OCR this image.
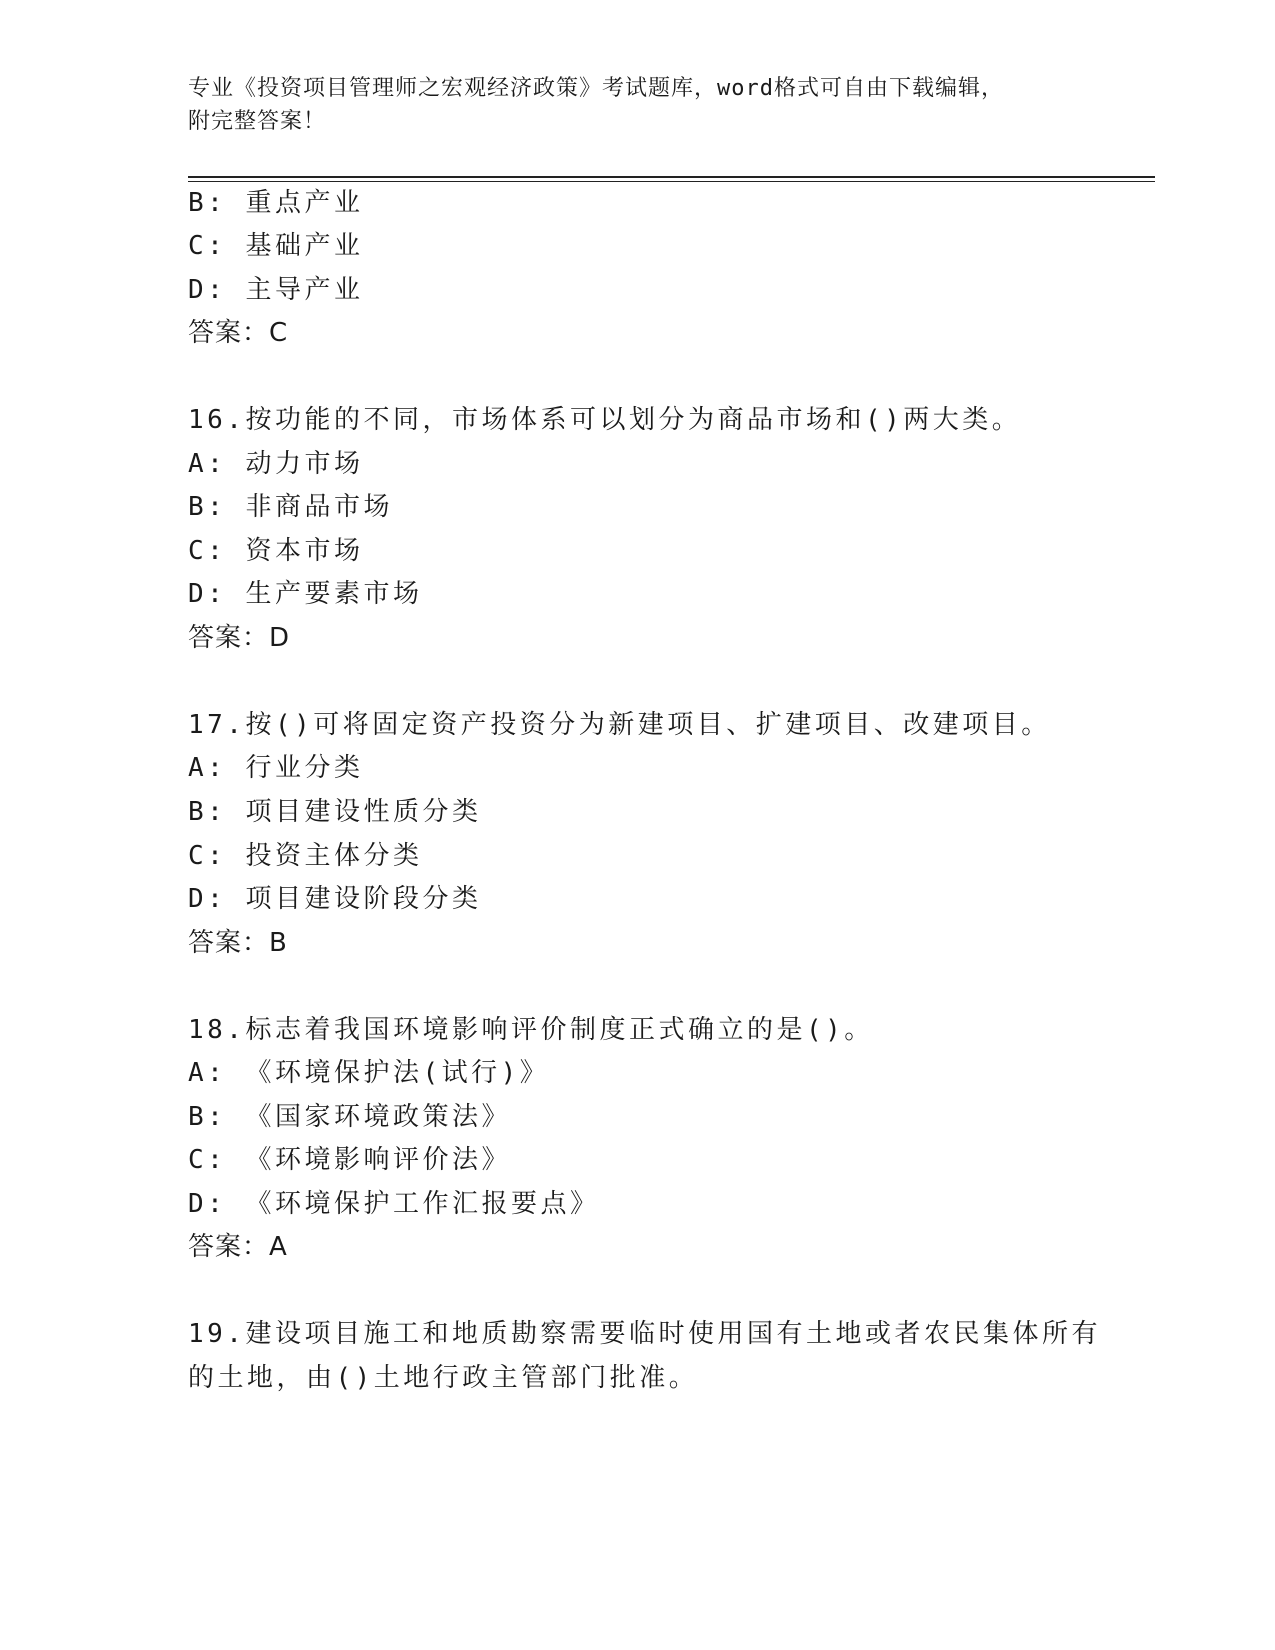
专业《投资项目管理师之宏观经济政策》考试题库，word格式可自由下载编辑，
附完整答案！
B: 重点产业
C: 基础产业
D: 主导产业
答案：C
16.按功能的不同，市场体系可以划分为商品市场和()两大类。
A: 动力市场
B: 非商品市场
C: 资本市场
D: 生产要素市场
答案：D
17.按()可将固定资产投资分为新建项目、扩建项目、改建项目。
A: 行业分类
B: 项目建设性质分类
C: 投资主体分类
D: 项目建设阶段分类
答案：B
18.标志着我国环境影响评价制度正式确立的是()。
A: 《环境保护法(试行)》
B: 《国家环境政策法》
C: 《环境影响评价法》
D: 《环境保护工作汇报要点》
答案：A
19.建设项目施工和地质勘察需要临时使用国有土地或者农民集体所有
的土地，由()土地行政主管部门批准。
